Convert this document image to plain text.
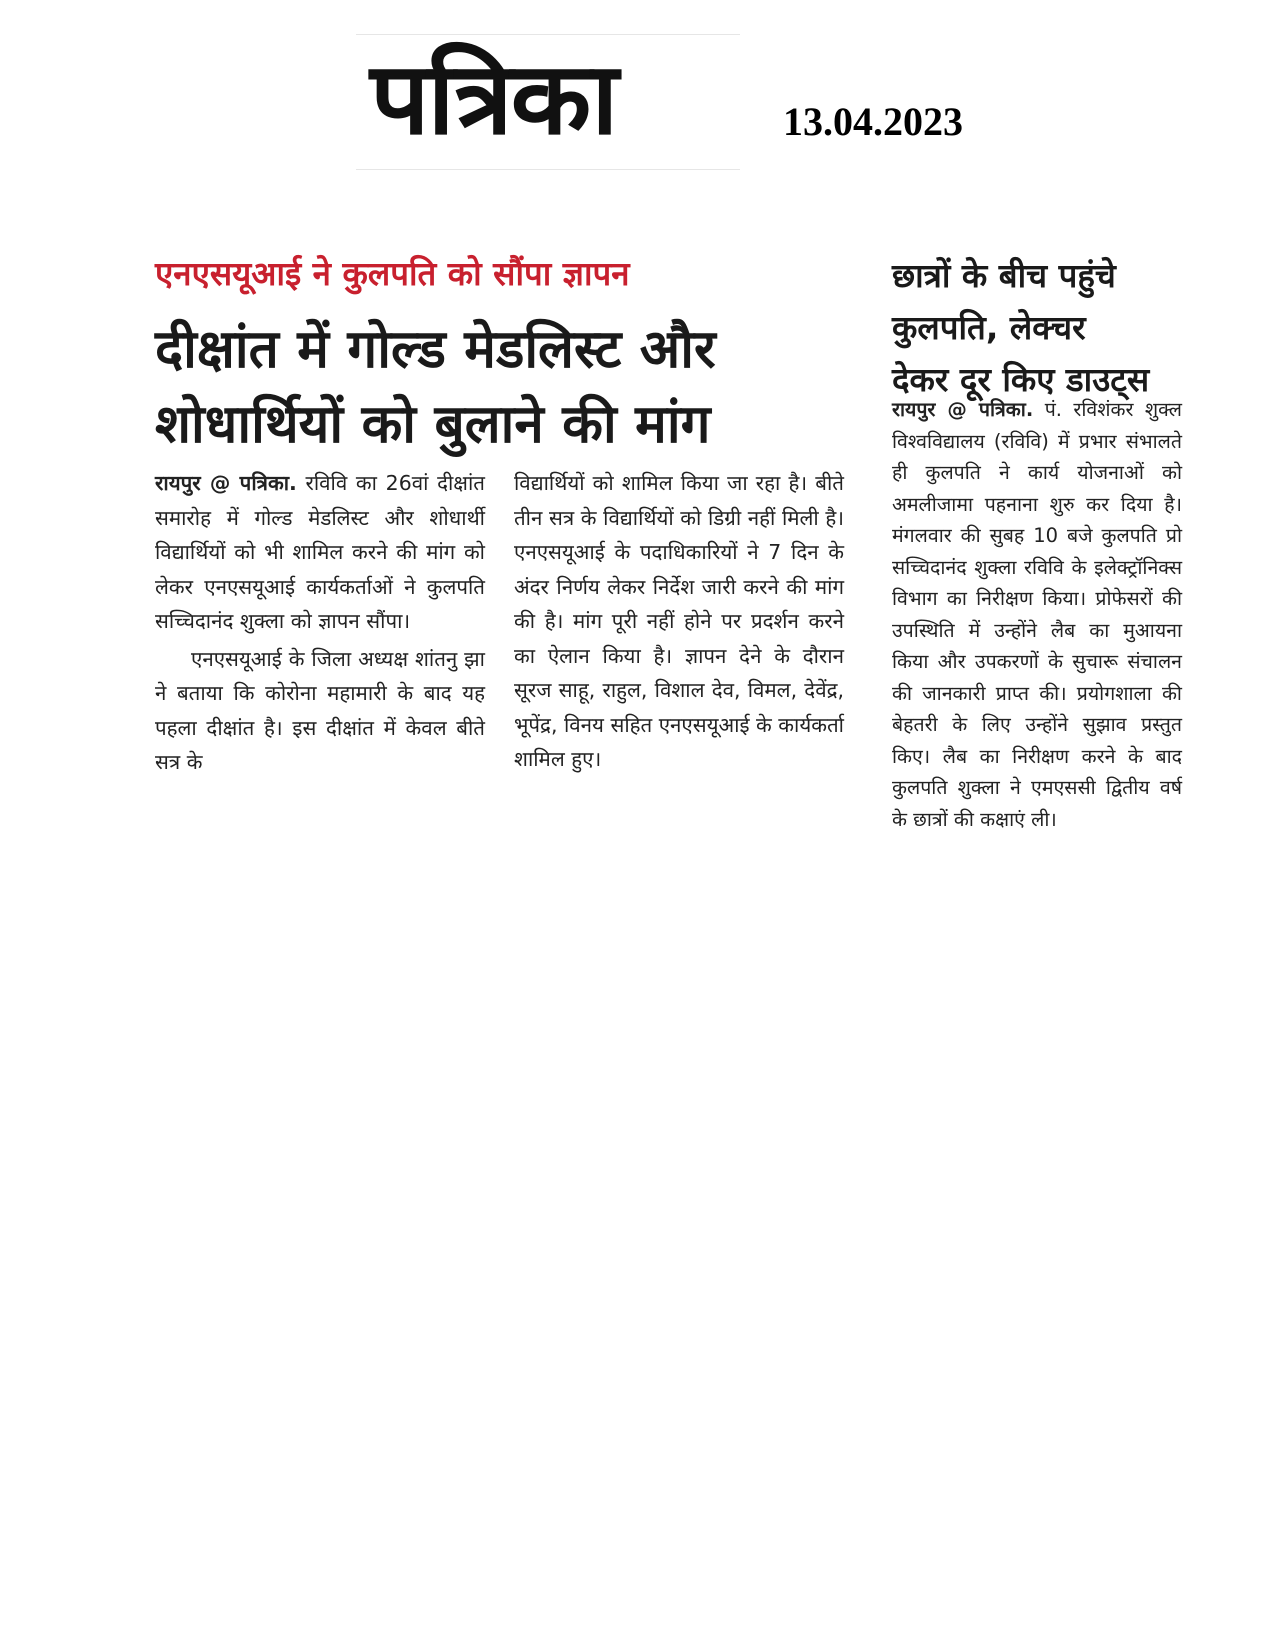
पत्रिका	13.04.2023
एनएसयूआई ने कुलपति को सौंपा ज्ञापन
दीक्षांत में गोल्ड मेडलिस्ट और
शोधार्थियों को बुलाने की मांग

रायपुर @ पत्रिका. रविवि का 26वां दीक्षांत समारोह में गोल्ड मेडलिस्ट और शोधार्थी विद्यार्थियों को भी शामिल करने की मांग को लेकर एनएसयूआई कार्यकर्ताओं ने कुलपति सच्चिदानंद शुक्ला को ज्ञापन सौंपा।

एनएसयूआई के जिला अध्यक्ष शांतनु झा ने बताया कि कोरोना महामारी के बाद यह पहला दीक्षांत है। इस दीक्षांत में केवल बीते सत्र के

विद्यार्थियों को शामिल किया जा रहा है। बीते तीन सत्र के विद्यार्थियों को डिग्री नहीं मिली है। एनएसयूआई के पदाधिकारियों ने 7 दिन के अंदर निर्णय लेकर निर्देश जारी करने की मांग की है। मांग पूरी नहीं होने पर प्रदर्शन करने का ऐलान किया है। ज्ञापन देने के दौरान सूरज साहू, राहुल, विशाल देव, विमल, देवेंद्र, भूपेंद्र, विनय सहित एनएसयूआई के कार्यकर्ता शामिल हुए।

छात्रों के बीच पहुंचे
कुलपति, लेक्चर
देकर दूर किए डाउट्स

रायपुर @ पत्रिका. पं. रविशंकर शुक्ल विश्वविद्यालय (रविवि) में प्रभार संभालते ही कुलपति ने कार्य योजनाओं को अमलीजामा पहनाना शुरु कर दिया है। मंगलवार की सुबह 10 बजे कुलपति प्रो सच्चिदानंद शुक्ला रविवि के इलेक्ट्रॉनिक्स विभाग का निरीक्षण किया। प्रोफेसरों की उपस्थिति में उन्होंने लैब का मुआयना किया और उपकरणों के सुचारू संचालन की जानकारी प्राप्त की। प्रयोगशाला की बेहतरी के लिए उन्होंने सुझाव प्रस्तुत किए। लैब का निरीक्षण करने के बाद कुलपति शुक्ला ने एमएससी द्वितीय वर्ष के छात्रों की कक्षाएं ली।
